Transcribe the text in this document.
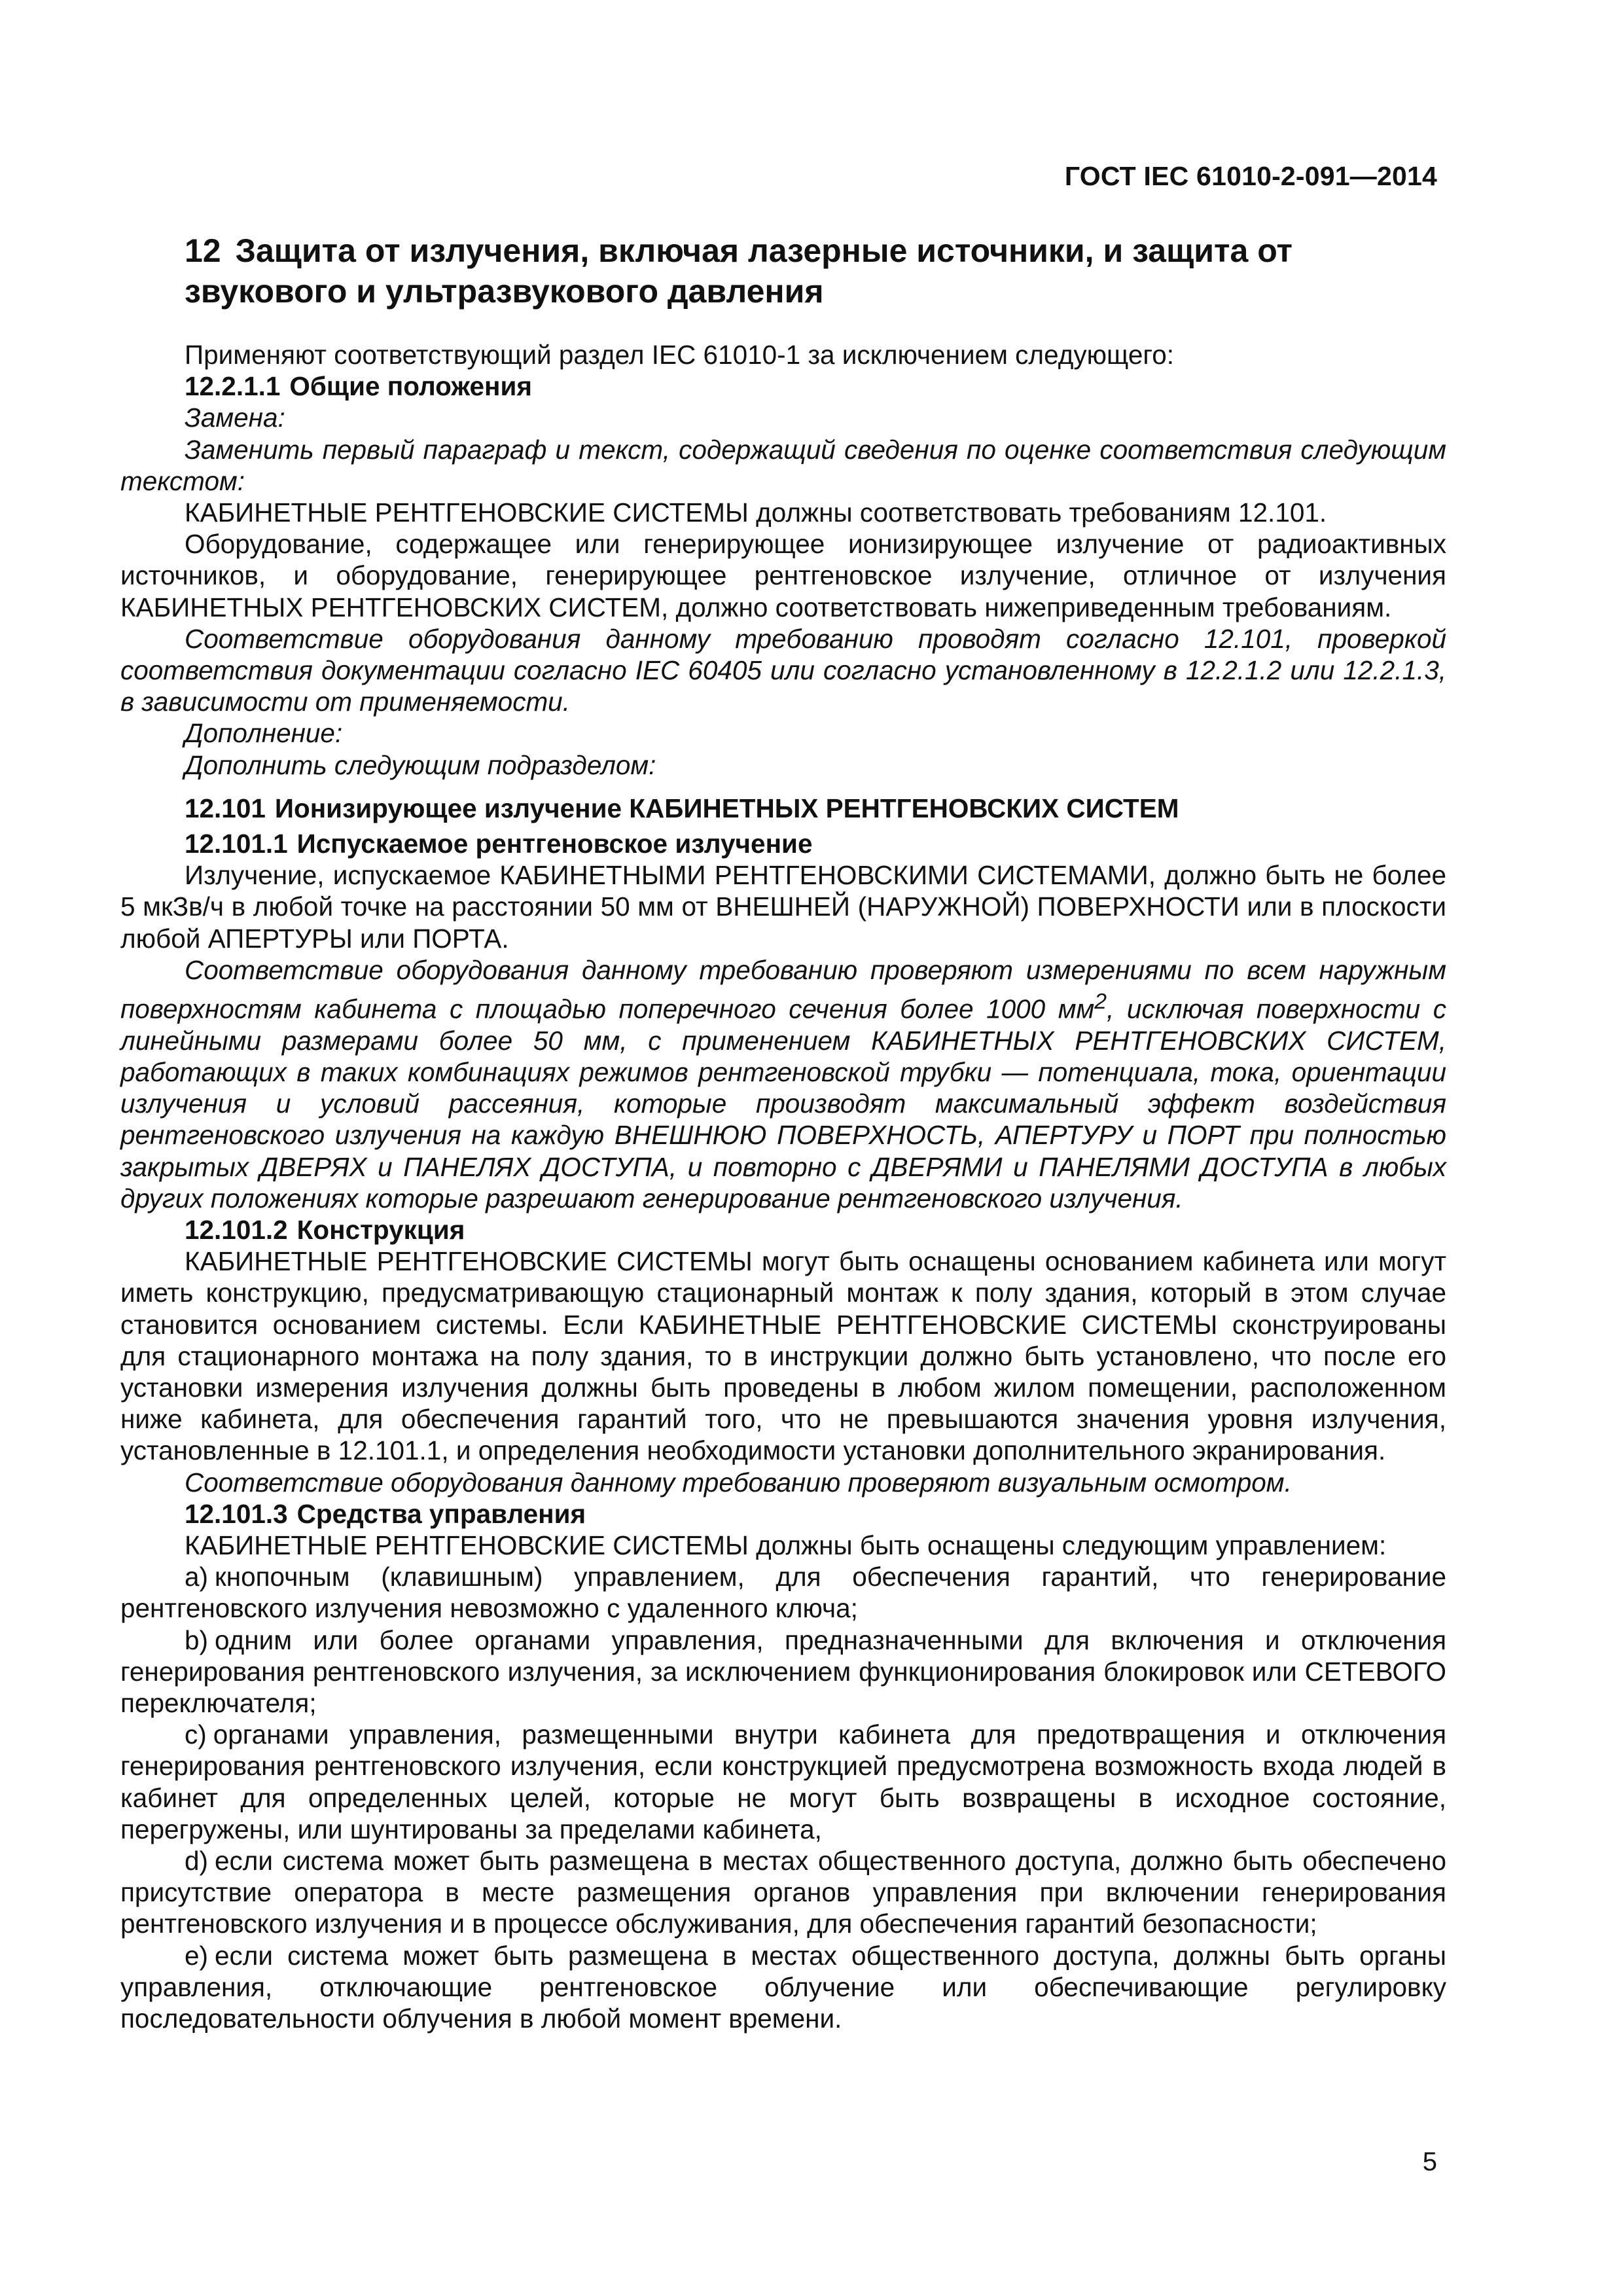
ГОСТ IEC 61010-2-091—2014
12 Защита от излучения, включая лазерные источники, и защита от звукового и ультразвукового давления

Применяют соответствующий раздел IEC 61010-1 за исключением следующего:

12.2.1.1 Общие положения

Замена:

Заменить первый параграф и текст, содержащий сведения по оценке соответствия следующим текстом:

КАБИНЕТНЫЕ РЕНТГЕНОВСКИЕ СИСТЕМЫ должны соответствовать требованиям 12.101.

Оборудование, содержащее или генерирующее ионизирующее излучение от радиоактивных источников, и оборудование, генерирующее рентгеновское излучение, отличное от излучения КАБИНЕТНЫХ РЕНТГЕНОВСКИХ СИСТЕМ, должно соответствовать нижеприведенным требованиям.

Соответствие оборудования данному требованию проводят согласно 12.101, проверкой соответствия документации согласно IEC 60405 или согласно установленному в 12.2.1.2 или 12.2.1.3, в зависимости от применяемости.

Дополнение:

Дополнить следующим подразделом:

12.101 Ионизирующее излучение КАБИНЕТНЫХ РЕНТГЕНОВСКИХ СИСТЕМ

12.101.1 Испускаемое рентгеновское излучение

Излучение, испускаемое КАБИНЕТНЫМИ РЕНТГЕНОВСКИМИ СИСТЕМАМИ, должно быть не более 5 мкЗв/ч в любой точке на расстоянии 50 мм от ВНЕШНЕЙ (НАРУЖНОЙ) ПОВЕРХНОСТИ или в плоскости любой АПЕРТУРЫ или ПОРТА.

Соответствие оборудования данному требованию проверяют измерениями по всем наружным поверхностям кабинета с площадью поперечного сечения более 1000 $мм^2$, исключая поверхности с линейными размерами более 50 мм, с применением КАБИНЕТНЫХ РЕНТГЕНОВСКИХ СИСТЕМ, работающих в таких комбинациях режимов рентгеновской трубки — потенциала, тока, ориентации излучения и условий рассеяния, которые производят максимальный эффект воздействия рентгеновского излучения на каждую ВНЕШНЮЮ ПОВЕРХНОСТЬ, АПЕРТУРУ и ПОРТ при полностью закрытых ДВЕРЯХ и ПАНЕЛЯХ ДОСТУПА, и повторно с ДВЕРЯМИ и ПАНЕЛЯМИ ДОСТУПА в любых других положениях которые разрешают генерирование рентгеновского излучения.

12.101.2 Конструкция

КАБИНЕТНЫЕ РЕНТГЕНОВСКИЕ СИСТЕМЫ могут быть оснащены основанием кабинета или могут иметь конструкцию, предусматривающую стационарный монтаж к полу здания, который в этом случае становится основанием системы. Если КАБИНЕТНЫЕ РЕНТГЕНОВСКИЕ СИСТЕМЫ сконструированы для стационарного монтажа на полу здания, то в инструкции должно быть установлено, что после его установки измерения излучения должны быть проведены в любом жилом помещении, расположенном ниже кабинета, для обеспечения гарантий того, что не превышаются значения уровня излучения, установленные в 12.101.1, и определения необходимости установки дополнительного экранирования.

Соответствие оборудования данному требованию проверяют визуальным осмотром.

12.101.3 Средства управления

КАБИНЕТНЫЕ РЕНТГЕНОВСКИЕ СИСТЕМЫ должны быть оснащены следующим управлением:

a) кнопочным (клавишным) управлением, для обеспечения гарантий, что генерирование рентгеновского излучения невозможно с удаленного ключа;

b) одним или более органами управления, предназначенными для включения и отключения генерирования рентгеновского излучения, за исключением функционирования блокировок или СЕТЕВОГО переключателя;

c) органами управления, размещенными внутри кабинета для предотвращения и отключения генерирования рентгеновского излучения, если конструкцией предусмотрена возможность входа людей в кабинет для определенных целей, которые не могут быть возвращены в исходное состояние, перегружены, или шунтированы за пределами кабинета,

d) если система может быть размещена в местах общественного доступа, должно быть обеспечено присутствие оператора в месте размещения органов управления при включении генерирования рентгеновского излучения и в процессе обслуживания, для обеспечения гарантий безопасности;

e) если система может быть размещена в местах общественного доступа, должны быть органы управления, отключающие рентгеновское облучение или обеспечивающие регулировку последовательности облучения в любой момент времени.

5
